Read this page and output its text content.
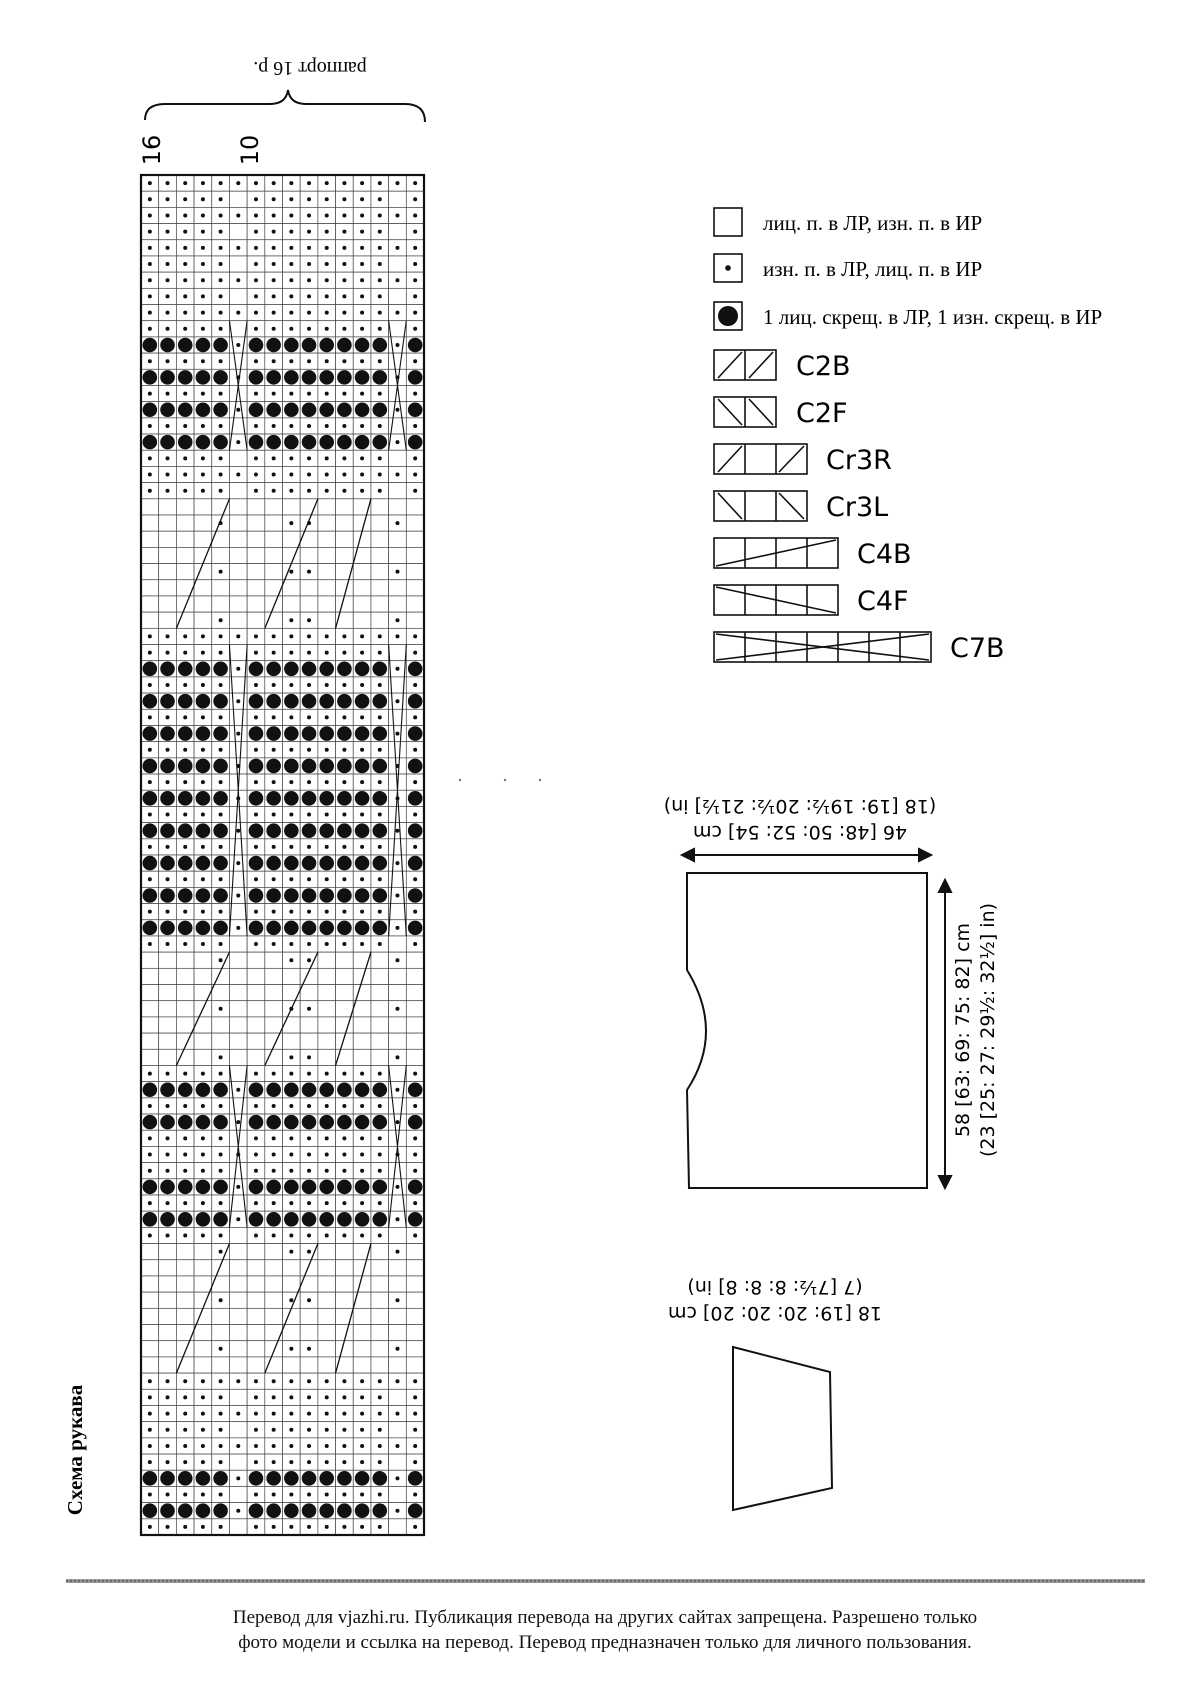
раппорт 16 р.
16	10
Схема рукава
лиц. п. в ЛР, изн. п. в ИР
изн. п. в ЛР, лиц. п. в ИР
1 лиц. скрещ. в ЛР, 1 изн. скрещ. в ИР
C2B
C2F
Cr3R
Cr3L
C4B
C4F
C7B
(18 [19: 19½: 20½: 21½] in)
46 [48: 50: 52: 54] cm
58 [63: 69: 75: 82] cm (23 [25: 27: 29½: 32½] in)
(7 [7½: 8: 8: 8] in)
18 [19: 20: 20: 20] cm
Перевод для vjazhi.ru. Публикация перевода на других сайтах запрещена. Разрешено только
фото модели и ссылка на перевод. Перевод предназначен только для личного пользования.
